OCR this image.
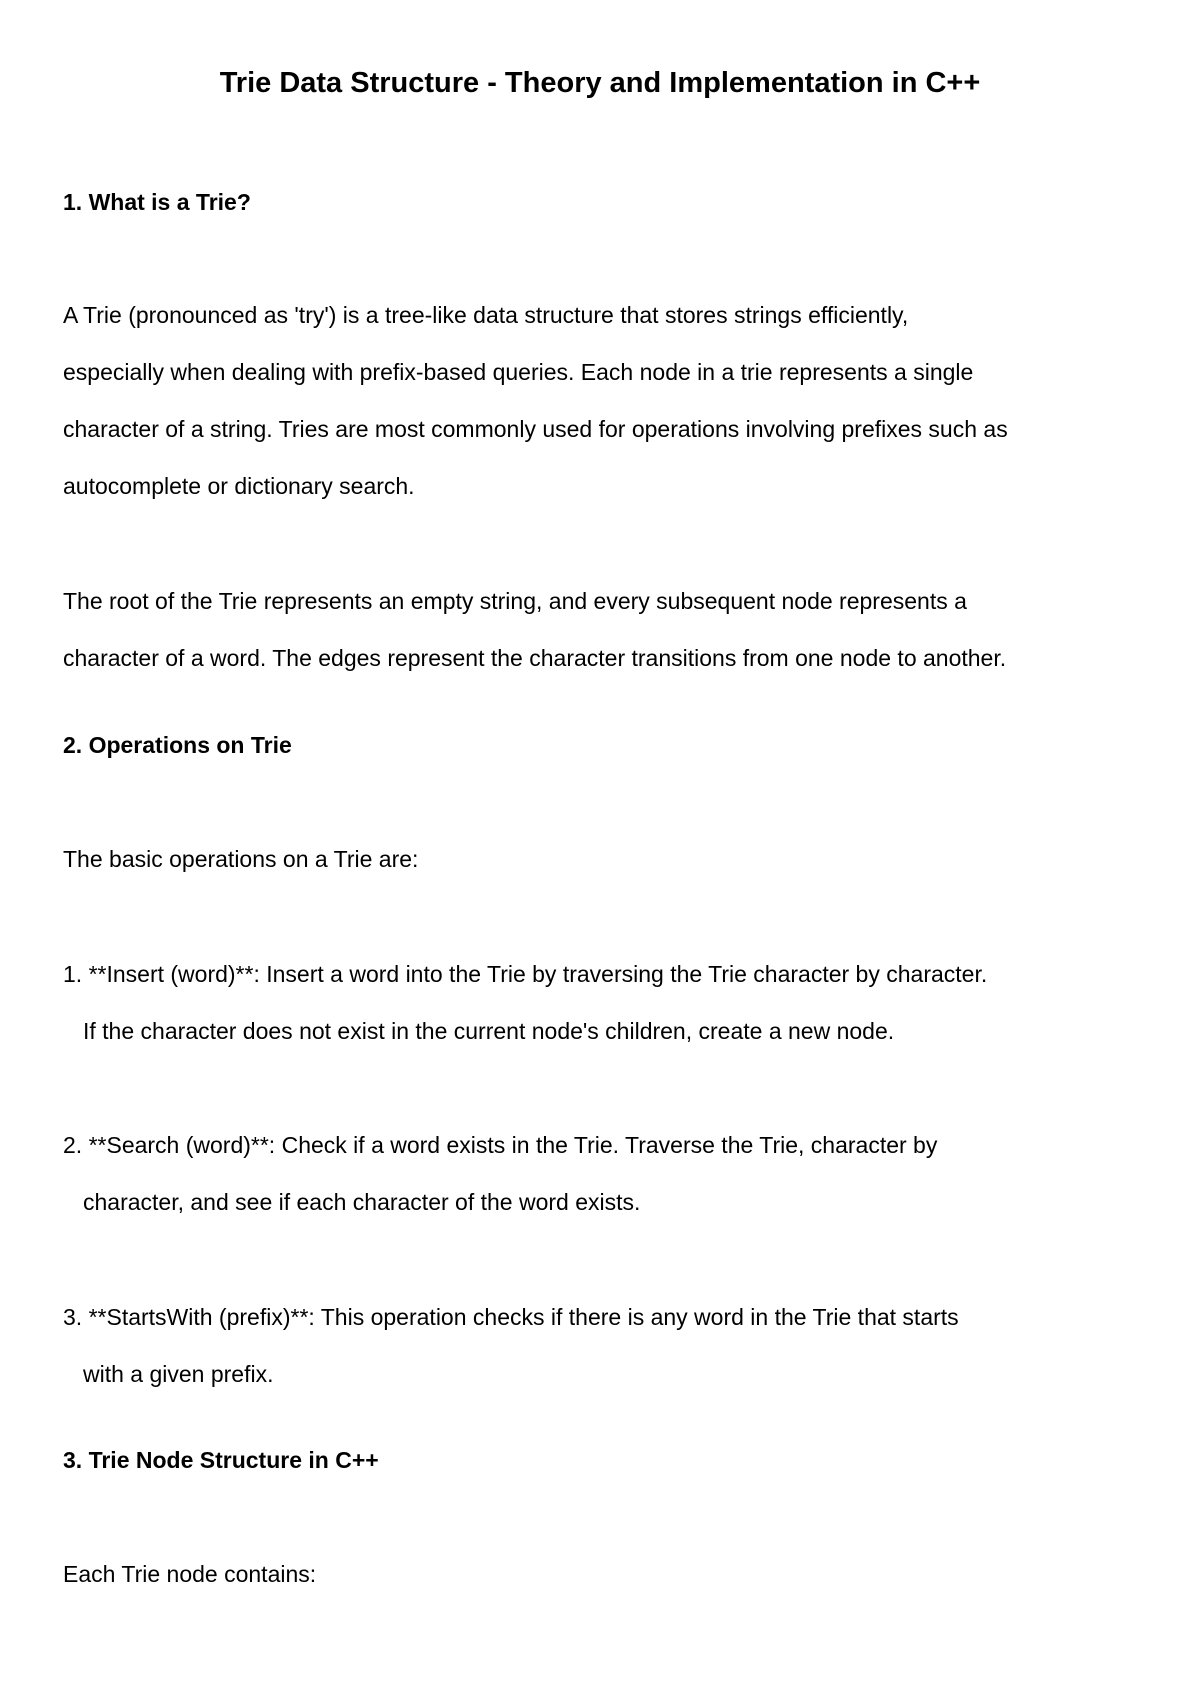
Trie Data Structure - Theory and Implementation in C++
1. What is a Trie?

A Trie (pronounced as 'try') is a tree-like data structure that stores strings efficiently,

especially when dealing with prefix-based queries. Each node in a trie represents a single

character of a string. Tries are most commonly used for operations involving prefixes such as

autocomplete or dictionary search.

The root of the Trie represents an empty string, and every subsequent node represents a

character of a word. The edges represent the character transitions from one node to another.

2. Operations on Trie

The basic operations on a Trie are:

1. **Insert (word)**: Insert a word into the Trie by traversing the Trie character by character.

If the character does not exist in the current node's children, create a new node.

2. **Search (word)**: Check if a word exists in the Trie. Traverse the Trie, character by

character, and see if each character of the word exists.

3. **StartsWith (prefix)**: This operation checks if there is any word in the Trie that starts

with a given prefix.

3. Trie Node Structure in C++

Each Trie node contains:
